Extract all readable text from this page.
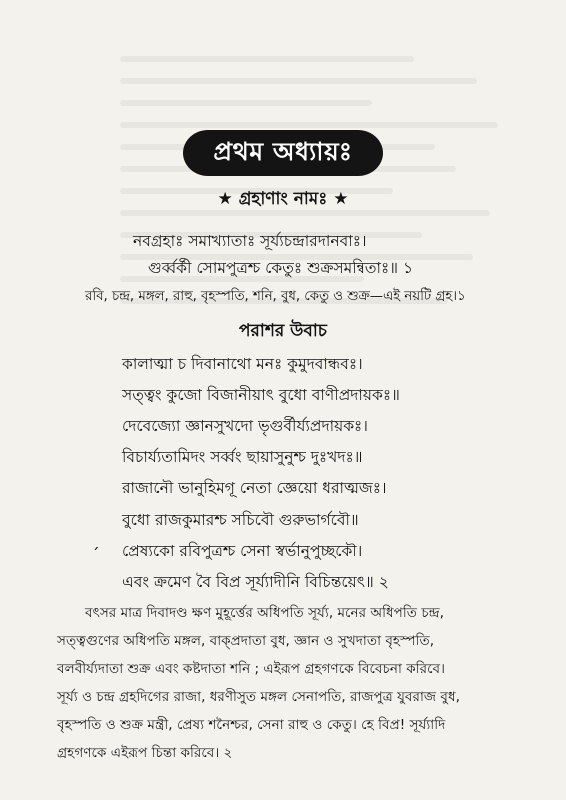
প্রথম অধ্যায়ঃ
★ গ্রহাণাং নামঃ ★
নবগ্রহাঃ সমাখ্যাতাঃ সূর্য্যচন্দ্রারদানবাঃ।
গুর্ব্বর্কী সোমপুত্রশ্চ কেতুঃ শুক্রসমন্বিতাঃ॥ ১
রবি, চন্দ্র, মঙ্গল, রাহু, বৃহস্পতি, শনি, বুধ, কেতু ও শুক্র—এই নয়টি গ্রহ।১
পরাশর উবাচ
কালাত্মা চ দিবানাথো মনঃ কুমুদবান্ধবঃ।
সত্ত্বং কুজো বিজানীয়াৎ বুধো বাণীপ্রদায়কঃ॥
দেবেজ্যো জ্ঞানসুখদো ভৃগুর্বীর্য্যপ্রদায়কঃ।
বিচার্য্যতামিদং সর্ব্বং ছায়াসুনুশ্চ দুঃখদঃ॥
রাজানৌ ভানুহিমগূ নেতা জ্ঞেয়ো ধরাত্মজঃ।
বুধো রাজকুমারশ্চ সচিবৌ গুরুভার্গবৌ॥
প্রেষ্যকো রবিপুত্রশ্চ সেনা স্বর্ভানুপুচ্ছকৌ।
এবং ক্রমেণ বৈ বিপ্র সূর্য্যাদীনি বিচিন্তয়েৎ॥ ২
׳
বৎসর মাত্র দিবাদণ্ড ক্ষণ মুহূর্ত্তের অধিপতি সূর্য্য, মনের অধিপতি চন্দ্র,
সত্ত্বগুণের অধিপতি মঙ্গল, বাক্‌প্রদাতা বুধ, জ্ঞান ও সুখদাতা বৃহস্পতি,
বলবীর্য্যদাতা শুক্র এবং কষ্টদাতা শনি ; এইরূপ গ্রহগণকে বিবেচনা করিবে।
সূর্য্য ও চন্দ্র গ্রহদিগের রাজা, ধরণীসুত মঙ্গল সেনাপতি, রাজপুত্র যুবরাজ বুধ,
বৃহস্পতি ও শুক্র মন্ত্রী, প্রেষ্য শনৈশ্চর, সেনা রাহু ও কেতু। হে বিপ্র! সূর্য্যাদি
গ্রহগণকে এইরূপ চিন্তা করিবে। ২
